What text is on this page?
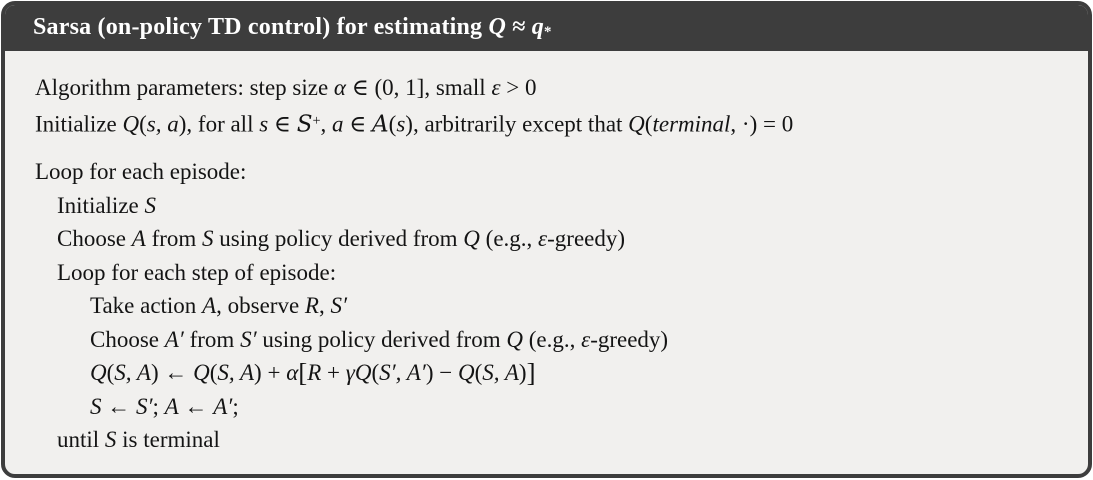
Sarsa (on-policy TD control) for estimating Q ≈ q*
Algorithm parameters: step size α ∈ (0, 1], small ε > 0
Initialize Q(s, a), for all s ∈ S+, a ∈ A(s), arbitrarily except that Q(terminal, ·) = 0
Loop for each episode:
Initialize S
Choose A from S using policy derived from Q (e.g., ε-greedy)
Loop for each step of episode:
Take action A, observe R, S′
Choose A′ from S′ using policy derived from Q (e.g., ε-greedy)
Q(S, A) ← Q(S, A) + α[R + γQ(S′, A′) − Q(S, A)]
S ← S′; A ← A′;
until S is terminal
